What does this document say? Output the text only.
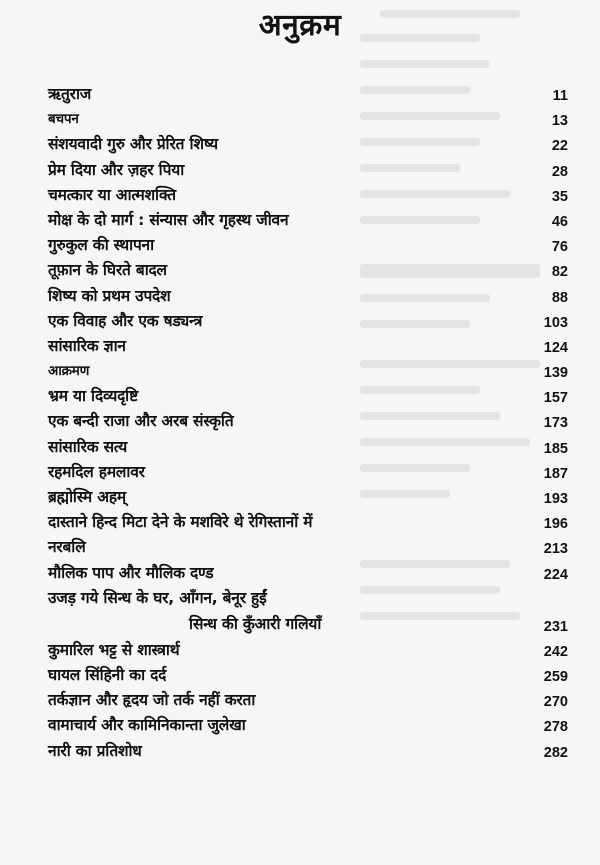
अनुक्रम
ऋतुराज	11
बचपन	13
संशयवादी गुरु और प्रेरित शिष्य	22
प्रेम दिया और ज़हर पिया	28
चमत्कार या आत्मशक्ति	35
मोक्ष के दो मार्ग : संन्यास और गृहस्थ जीवन	46
गुरुकुल की स्थापना	76
तूफ़ान के घिरते बादल	82
शिष्य को प्रथम उपदेश	88
एक विवाह और एक षड्यन्त्र	103
सांसारिक ज्ञान	124
आक्रमण	139
भ्रम या दिव्यदृष्टि	157
एक बन्दी राजा और अरब संस्कृति	173
सांसारिक सत्य	185
रहमदिल हमलावर	187
ब्रह्मोस्मि अहम्	193
दास्ताने हिन्द मिटा देने के मशविरे थे रेगिस्तानों में	196
नरबलि	213
मौलिक पाप और मौलिक दण्ड	224
उजड़ गये सिन्ध के घर, आँगन, बेनूर हुईं
सिन्ध की कुँआरी गलियाँ	231
कुमारिल भट्ट से शास्त्रार्थ	242
घायल सिंहिनी का दर्द	259
तर्कज्ञान और हृदय जो तर्क नहीं करता	270
वामाचार्य और कामिनिकान्ता जुलेखा	278
नारी का प्रतिशोध	282
